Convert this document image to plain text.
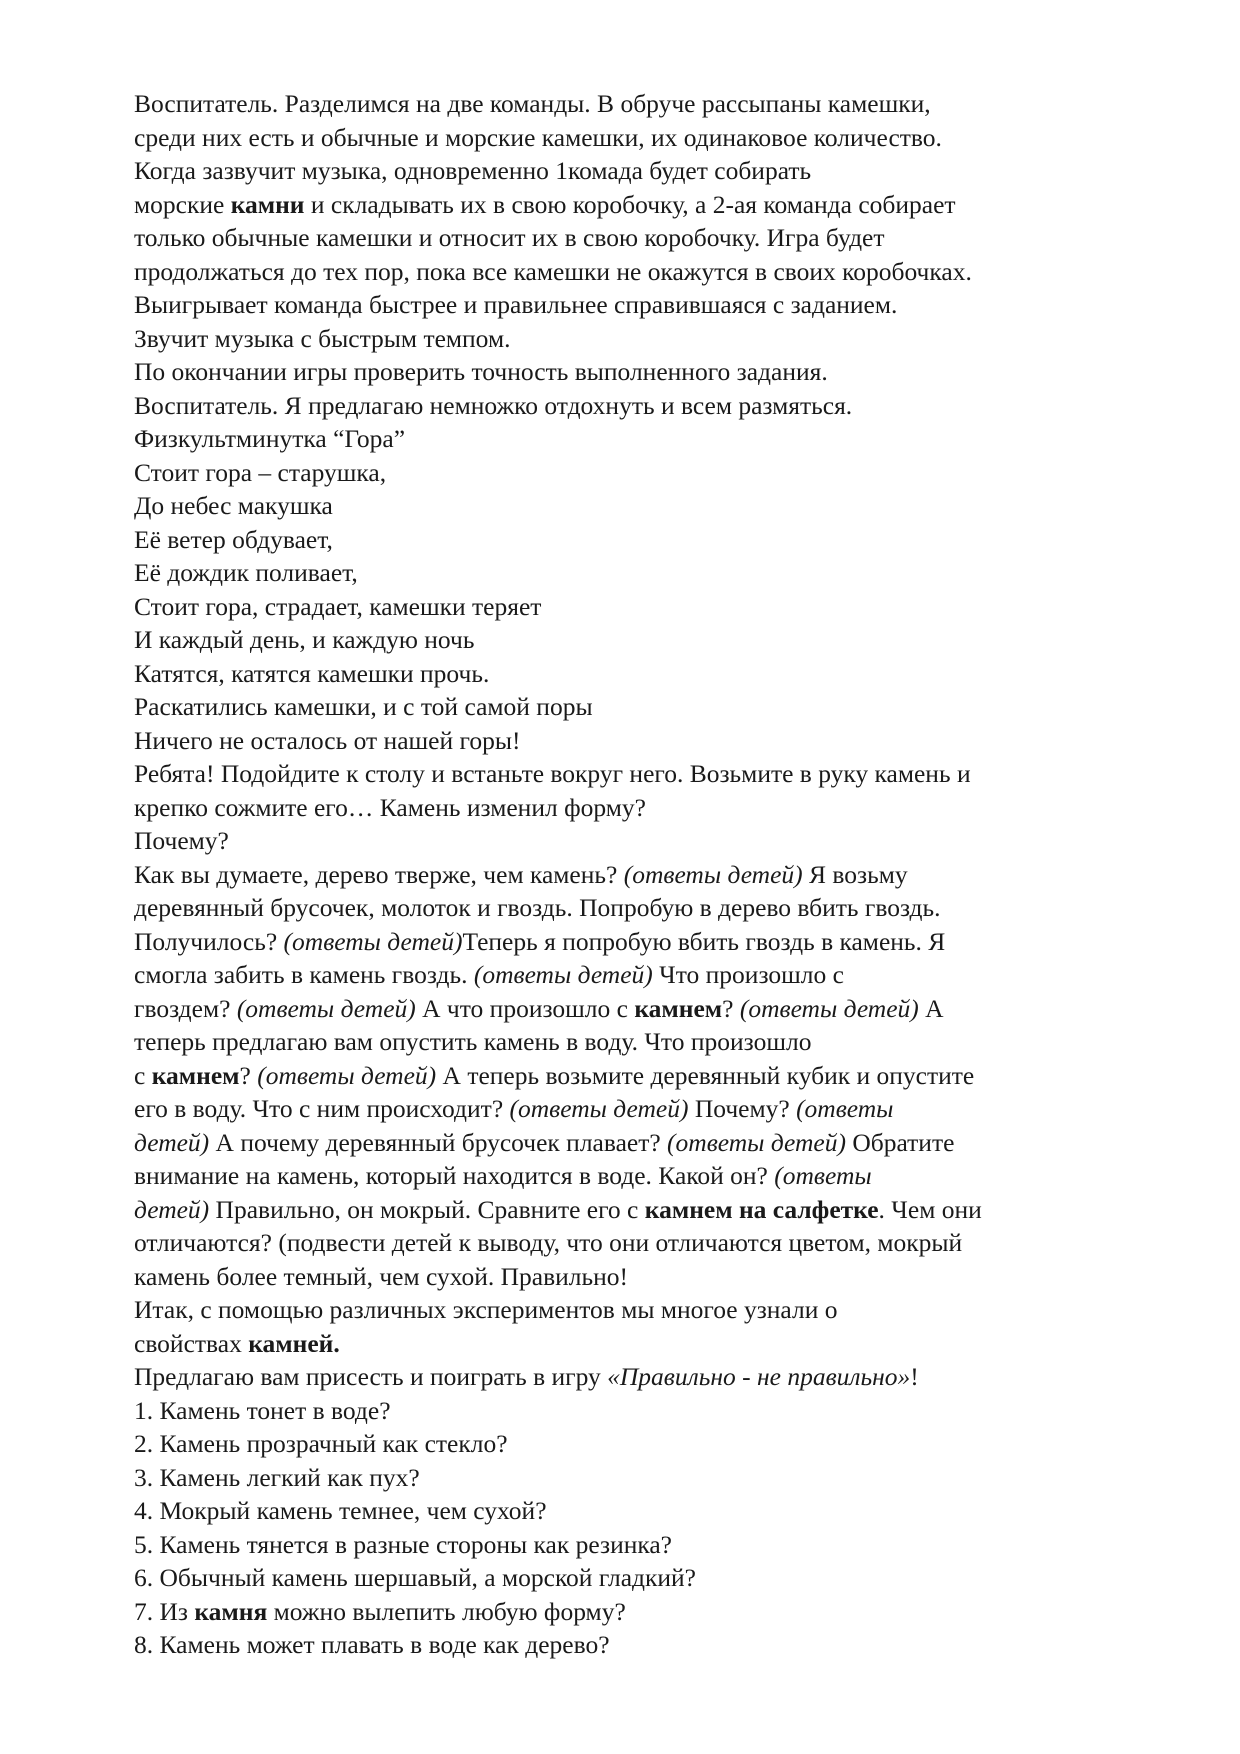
Воспитатель. Разделимся на две команды. В обруче рассыпаны камешки,
среди них есть и обычные и морские камешки, их одинаковое количество.
Когда зазвучит музыка, одновременно 1комада будет собирать
морские камни и складывать их в свою коробочку, а 2-ая команда собирает
только обычные камешки и относит их в свою коробочку. Игра будет
продолжаться до тех пор, пока все камешки не окажутся в своих коробочках.
Выигрывает команда быстрее и правильнее справившаяся с заданием.
Звучит музыка с быстрым темпом.
По окончании игры проверить точность выполненного задания.
Воспитатель. Я предлагаю немножко отдохнуть и всем размяться.
Физкультминутка “Гора”
Стоит гора – старушка,
До небес макушка
Её ветер обдувает,
Её дождик поливает,
Стоит гора, страдает, камешки теряет
И каждый день, и каждую ночь
Катятся, катятся камешки прочь.
Раскатились камешки, и с той самой поры
Ничего не осталось от нашей горы!
Ребята! Подойдите к столу и встаньте вокруг него. Возьмите в руку камень и
крепко сожмите его… Камень изменил форму?
Почему?
Как вы думаете, дерево тверже, чем камень? (ответы детей) Я возьму
деревянный брусочек, молоток и гвоздь. Попробую в дерево вбить гвоздь.
Получилось? (ответы детей)Теперь я попробую вбить гвоздь в камень. Я
смогла забить в камень гвоздь. (ответы детей) Что произошло с
гвоздем? (ответы детей) А что произошло с камнем? (ответы детей) А
теперь предлагаю вам опустить камень в воду. Что произошло
с камнем? (ответы детей) А теперь возьмите деревянный кубик и опустите
его в воду. Что с ним происходит? (ответы детей) Почему? (ответы
детей) А почему деревянный брусочек плавает? (ответы детей) Обратите
внимание на камень, который находится в воде. Какой он? (ответы
детей) Правильно, он мокрый. Сравните его с камнем на салфетке. Чем они
отличаются? (подвести детей к выводу, что они отличаются цветом, мокрый
камень более темный, чем сухой. Правильно!
Итак, с помощью различных экспериментов мы многое узнали о
свойствах камней.
Предлагаю вам присесть и поиграть в игру «Правильно - не правильно»!
1. Камень тонет в воде?
2. Камень прозрачный как стекло?
3. Камень легкий как пух?
4. Мокрый камень темнее, чем сухой?
5. Камень тянется в разные стороны как резинка?
6. Обычный камень шершавый, а морской гладкий?
7. Из камня можно вылепить любую форму?
8. Камень может плавать в воде как дерево?
